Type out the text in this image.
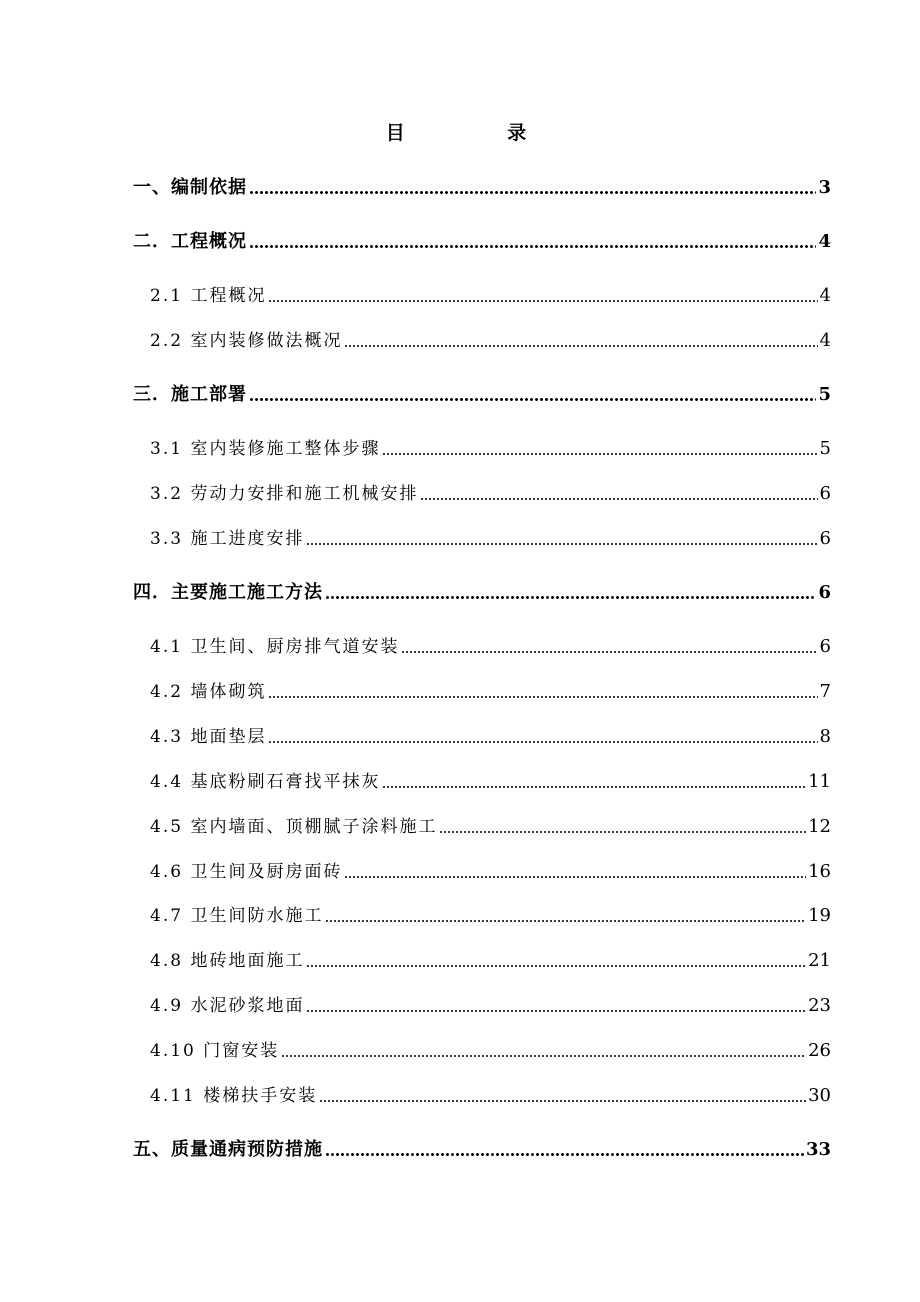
目 录
一、编制依据	3
二．工程概况	4
2.1 工程概况	4
2.2 室内装修做法概况	4
三．施工部署	5
3.1 室内装修施工整体步骤	5
3.2 劳动力安排和施工机械安排	6
3.3 施工进度安排	6
四．主要施工施工方法	6
4.1 卫生间、厨房排气道安装	6
4.2 墙体砌筑	7
4.3 地面垫层	8
4.4 基底粉刷石膏找平抹灰	11
4.5 室内墙面、顶棚腻子涂料施工	12
4.6 卫生间及厨房面砖	16
4.7 卫生间防水施工	19
4.8 地砖地面施工	21
4.9 水泥砂浆地面	23
4.10 门窗安装	26
4.11 楼梯扶手安装	30
五、质量通病预防措施	33
